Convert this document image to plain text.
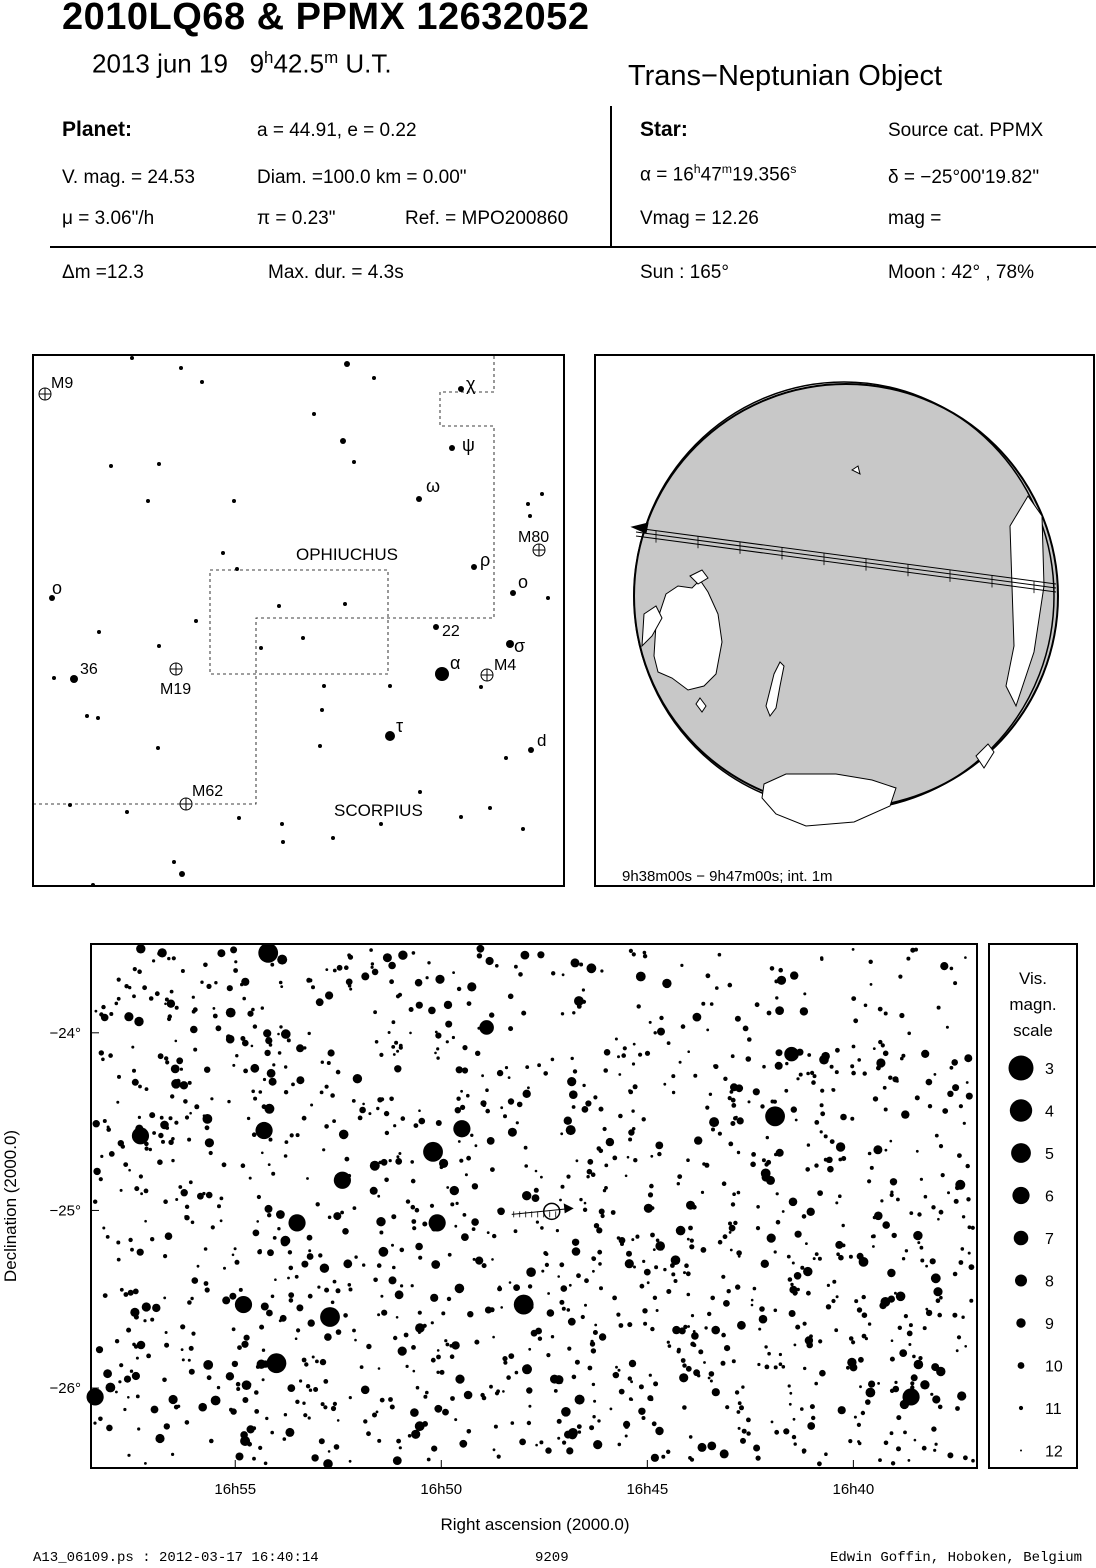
2010LQ68 & PPMX 12632052
2013 jun 19 9$^h$42.5$^m$ U.T.	Trans−Neptunian Object
Planet:	a = 44.91, e = 0.22
V. mag. = 24.53	Diam. =100.0 km = 0.00"
μ = 3.06"/h	π = 0.23"	Ref. = MPO200860
Star:	Source cat. PPMX
$\alpha = 16^h47^m19.356^s$	δ = −25°00'19.82"
Vmag = 12.26	mag =
Δm =12.3	Max. dur. = 4.3s	Sun : 165°	Moon : 42° , 78%
M9	χ
ψ
ω
M80
OPHIUCHUS	ρ
o	o
22
σ
M4
α
36
M19
τ
d
M62
SCORPIUS
9h38m00s − 9h47m00s; int. 1m
16h55	16h50	16h45	16h40
−24°
−25°
−26°
Right ascension (2000.0)
Declination (2000.0)
Vis.
magn.
scale
3
4
5
6
7
8
9
10
11
12
A13_06109.ps : 2012-03-17 16:40:14	9209	Edwin Goffin, Hoboken, Belgium
